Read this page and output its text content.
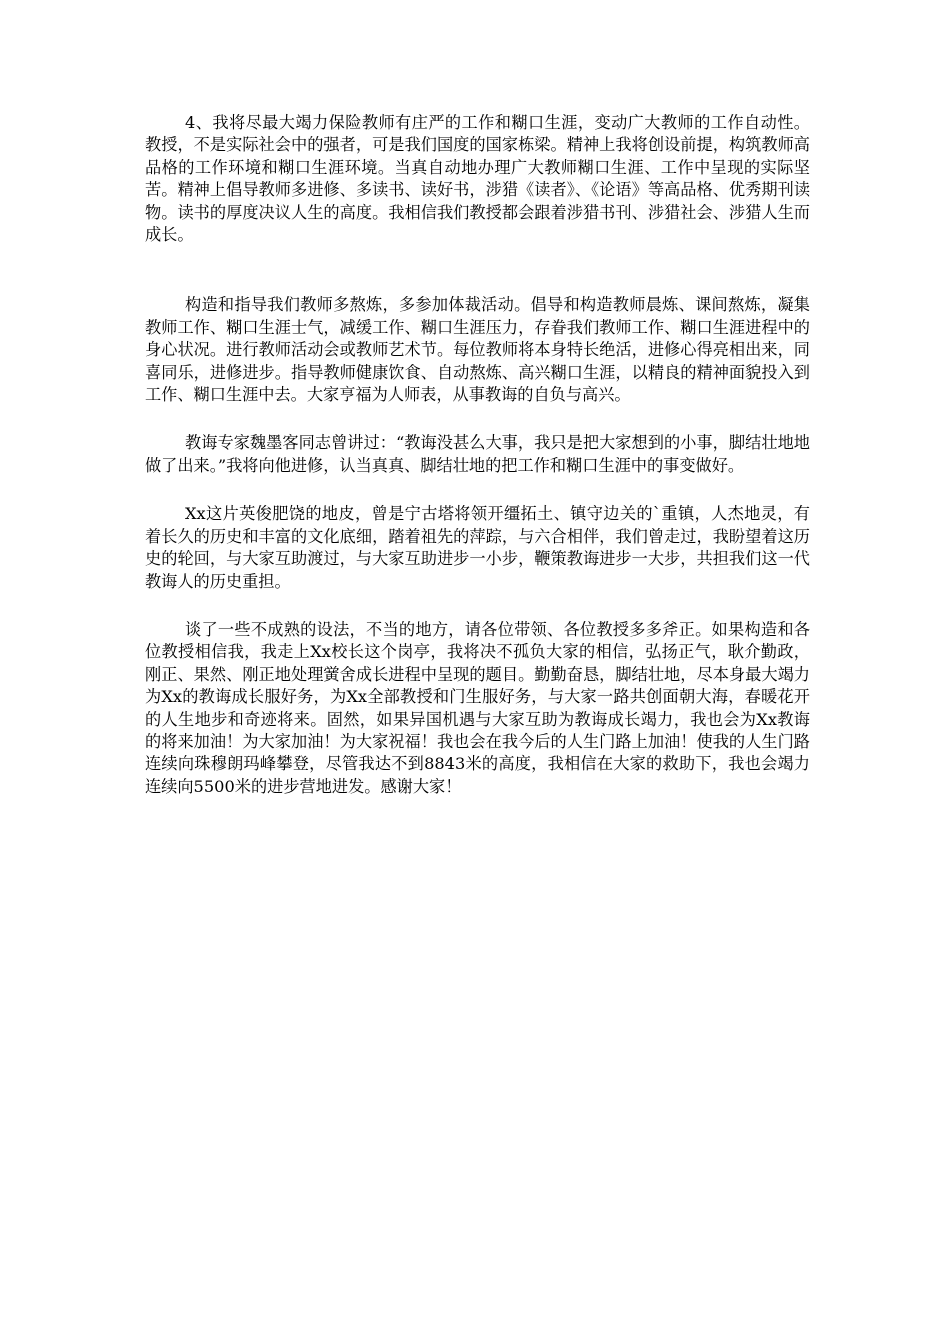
4、我将尽最大竭力保险教师有庄严的工作和糊口生涯，变动广大教师的工作自动性。教授，不是实际社会中的强者，可是我们国度的国家栋梁。精神上我将创设前提，构筑教师高品格的工作环境和糊口生涯环境。当真自动地办理广大教师糊口生涯、工作中呈现的实际坚苦。精神上倡导教师多进修、多读书、读好书，涉猎《读者》、《论语》等高品格、优秀期刊读物。读书的厚度决议人生的高度。我相信我们教授都会跟着涉猎书刊、涉猎社会、涉猎人生而成长。

构造和指导我们教师多熬炼，多参加体裁活动。倡导和构造教师晨炼、课间熬炼，凝集教师工作、糊口生涯士气，减缓工作、糊口生涯压力，存眷我们教师工作、糊口生涯进程中的身心状况。进行教师活动会或教师艺术节。每位教师将本身特长绝活，进修心得亮相出来，同喜同乐，进修进步。指导教师健康饮食、自动熬炼、高兴糊口生涯，以精良的精神面貌投入到工作、糊口生涯中去。大家亨福为人师表，从事教诲的自负与高兴。

教诲专家魏墨客同志曾讲过：“教诲没甚么大事，我只是把大家想到的小事，脚结壮地地做了出来。”我将向他进修，认当真真、脚结壮地的把工作和糊口生涯中的事变做好。

Xx这片英俊肥饶的地皮，曾是宁古塔将领开缰拓土、镇守边关的`重镇，人杰地灵，有着长久的历史和丰富的文化底细，踏着祖先的萍踪，与六合相伴，我们曾走过，我盼望着这历史的轮回，与大家互助渡过，与大家互助进步一小步，鞭策教诲进步一大步，共担我们这一代教诲人的历史重担。

谈了一些不成熟的设法，不当的地方，请各位带领、各位教授多多斧正。如果构造和各位教授相信我，我走上Xx校长这个岗亭，我将决不孤负大家的相信，弘扬正气，耿介勤政，刚正、果然、刚正地处理黉舍成长进程中呈现的题目。勤勤奋恳，脚结壮地，尽本身最大竭力为Xx的教诲成长服好务，为Xx全部教授和门生服好务，与大家一路共创面朝大海，春暖花开的人生地步和奇迹将来。固然，如果异国机遇与大家互助为教诲成长竭力，我也会为Xx教诲的将来加油！为大家加油！为大家祝福！我也会在我今后的人生门路上加油！使我的人生门路连续向珠穆朗玛峰攀登，尽管我达不到8843米的高度，我相信在大家的救助下，我也会竭力连续向5500米的进步营地进发。感谢大家！
